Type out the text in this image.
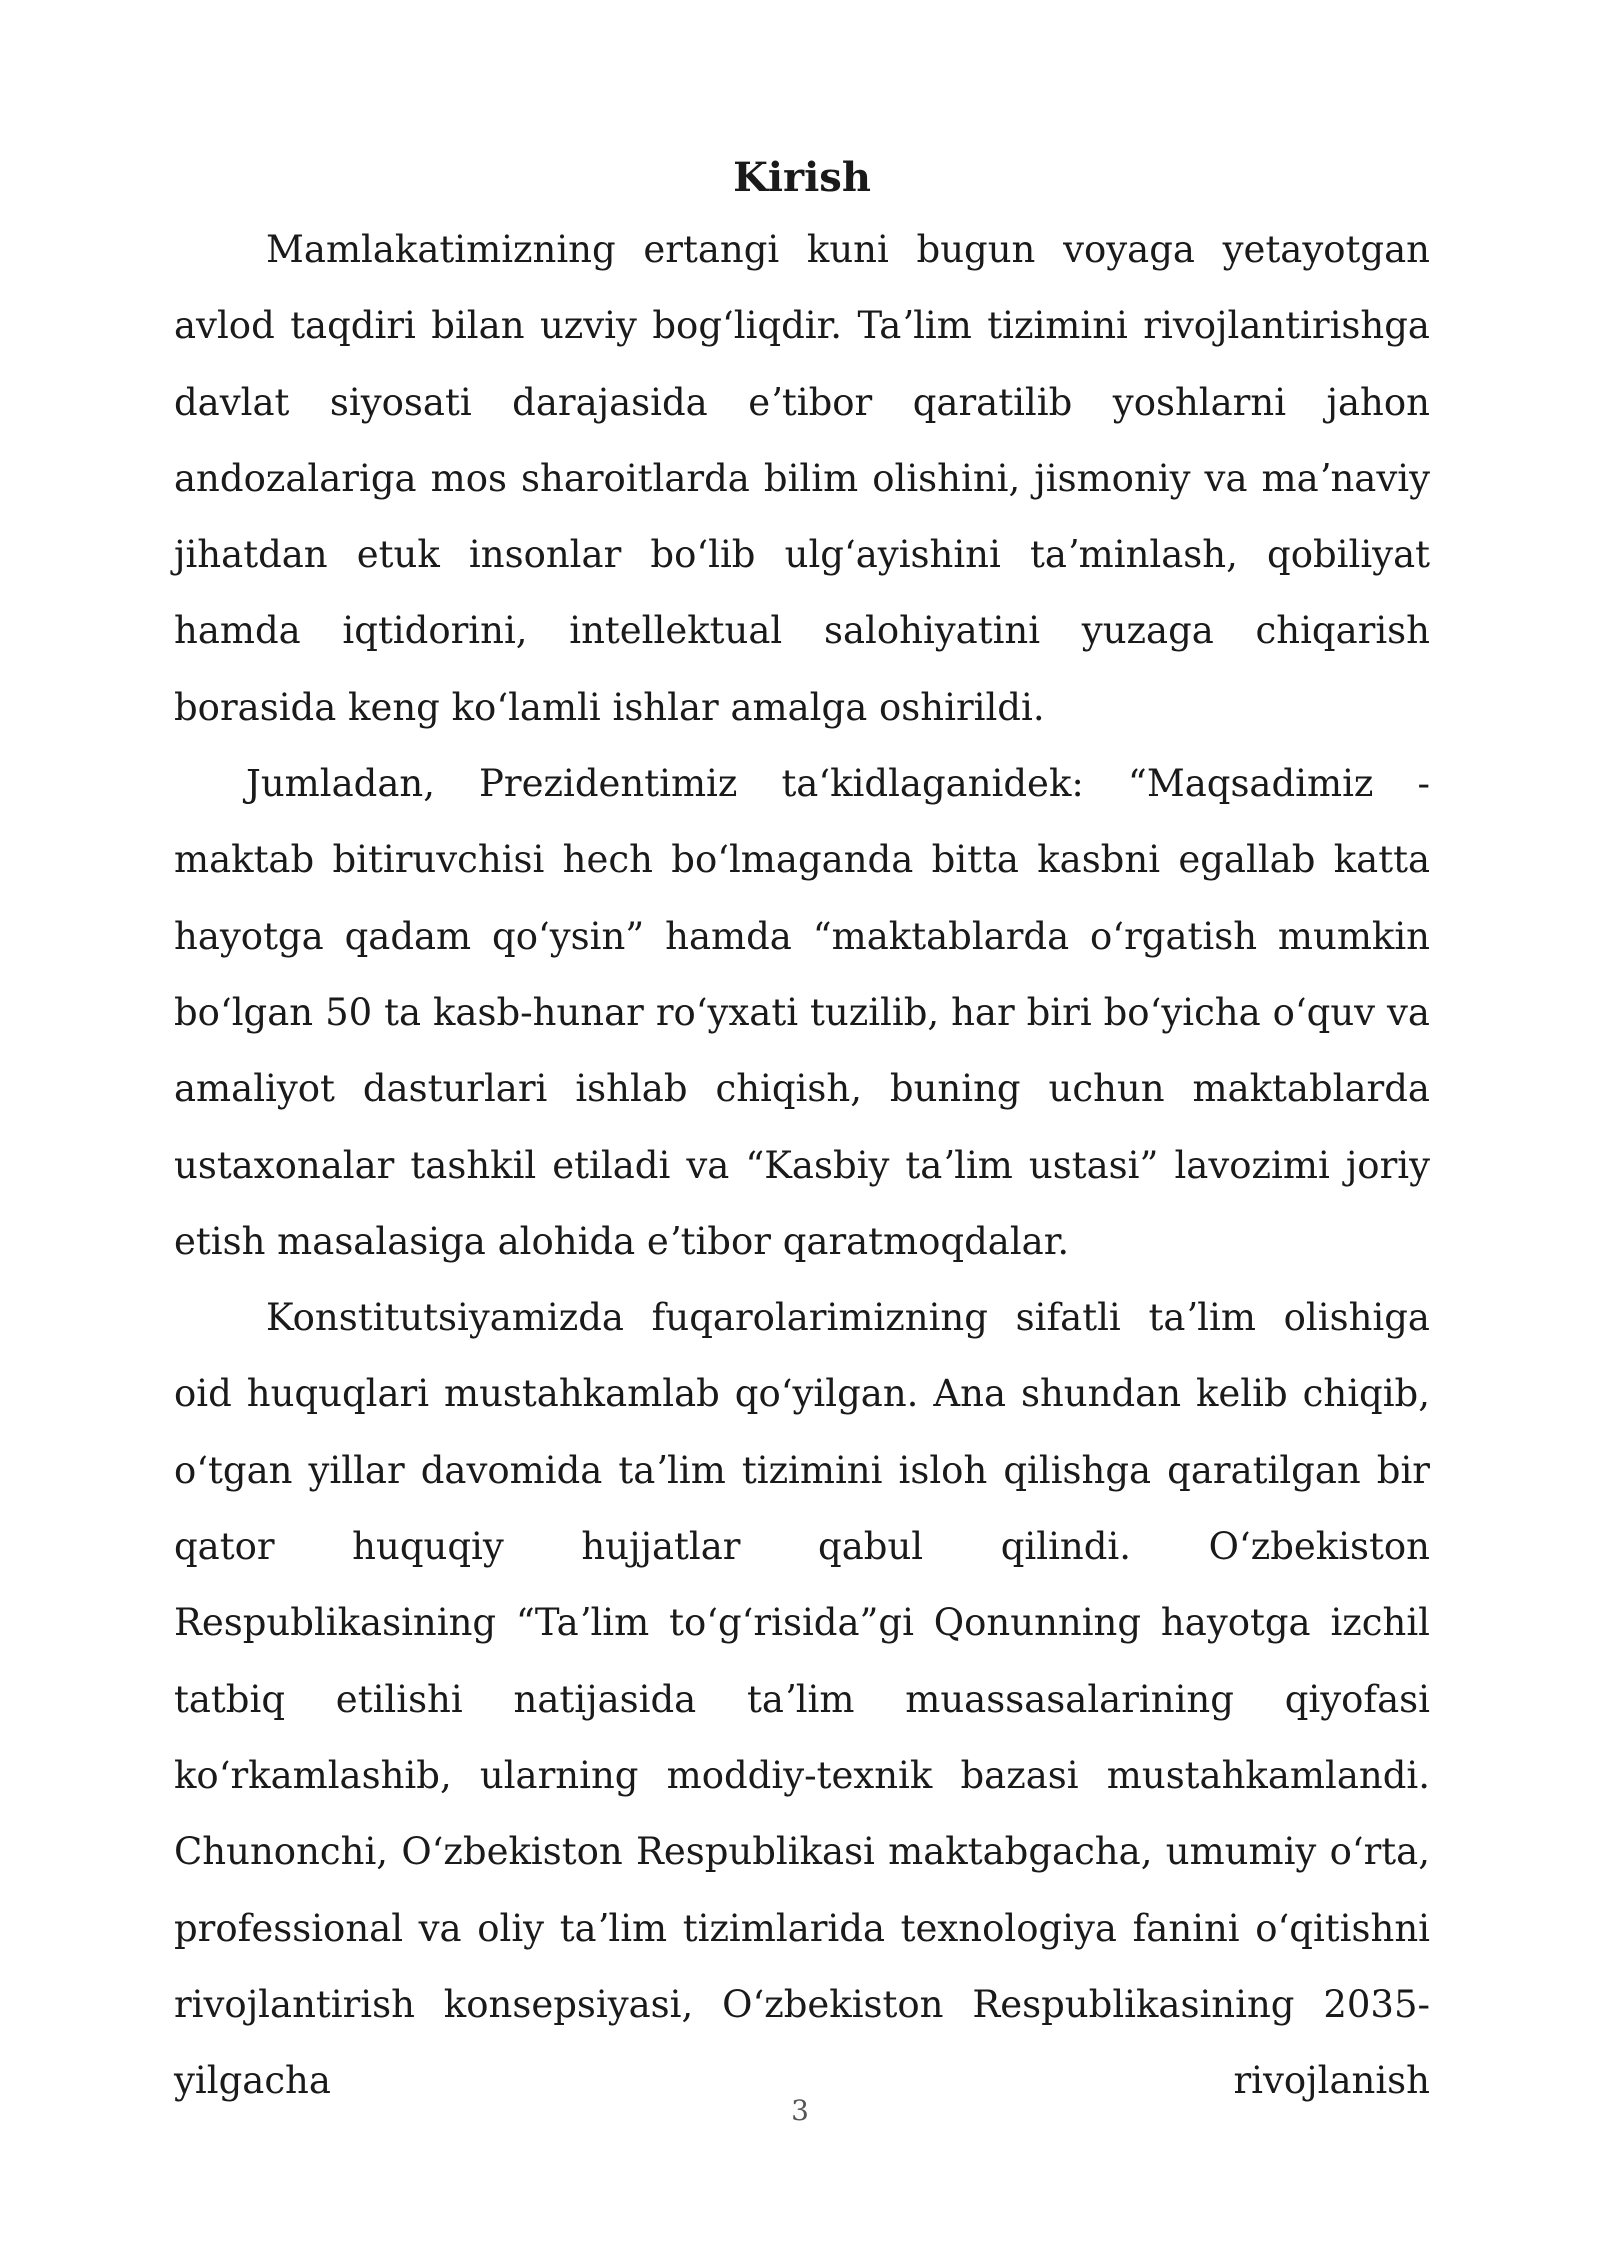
Kirish

Mamlakatimizning ertangi kuni bugun voyaga yetayotgan avlod taqdiri bilan uzviy bogʻliqdir. Taʼlim tizimini rivojlantirishga davlat siyosati darajasida eʼtibor qaratilib yoshlarni jahon andozalariga mos sharoitlarda bilim olishini, jismoniy va maʼnaviy jihatdan etuk insonlar boʻlib ulgʻayishini taʼminlash, qobiliyat hamda iqtidorini, intellektual salohiyatini yuzaga chiqarish borasida keng koʻlamli ishlar amalga oshirildi.

Jumladan, Prezidentimiz taʻkidlaganidek: “Maqsadimiz - maktab bitiruvchisi hech boʻlmaganda bitta kasbni egallab katta hayotga qadam qoʻysin” hamda “maktablarda oʻrgatish mumkin boʻlgan 50 ta kasb-hunar roʻyxati tuzilib, har biri boʻyicha oʻquv va amaliyot dasturlari ishlab chiqish, buning uchun maktablarda ustaxonalar tashkil etiladi va “Kasbiy taʼlim ustasi” lavozimi joriy etish masalasiga alohida eʼtibor qaratmoqdalar.

Konstitutsiyamizda fuqarolarimizning sifatli taʼlim olishiga oid huquqlari mustahkamlab qoʻyilgan. Ana shundan kelib chiqib, oʻtgan yillar davomida taʼlim tizimini isloh qilishga qaratilgan bir qator huquqiy hujjatlar qabul qilindi. Oʻzbekiston Respublikasining “Taʼlim toʻgʻrisida”gi Qonunning hayotga izchil tatbiq etilishi natijasida taʼlim muassasalarining qiyofasi koʻrkamlashib, ularning moddiy-texnik bazasi mustahkamlandi. Chunonchi, Oʻzbekiston Respublikasi maktabgacha, umumiy oʻrta, professional va oliy taʼlim tizimlarida texnologiya fanini oʻqitishni rivojlantirish konsepsiyasi, Oʻzbekiston Respublikasining 2035-yilgacha rivojlanish

3
